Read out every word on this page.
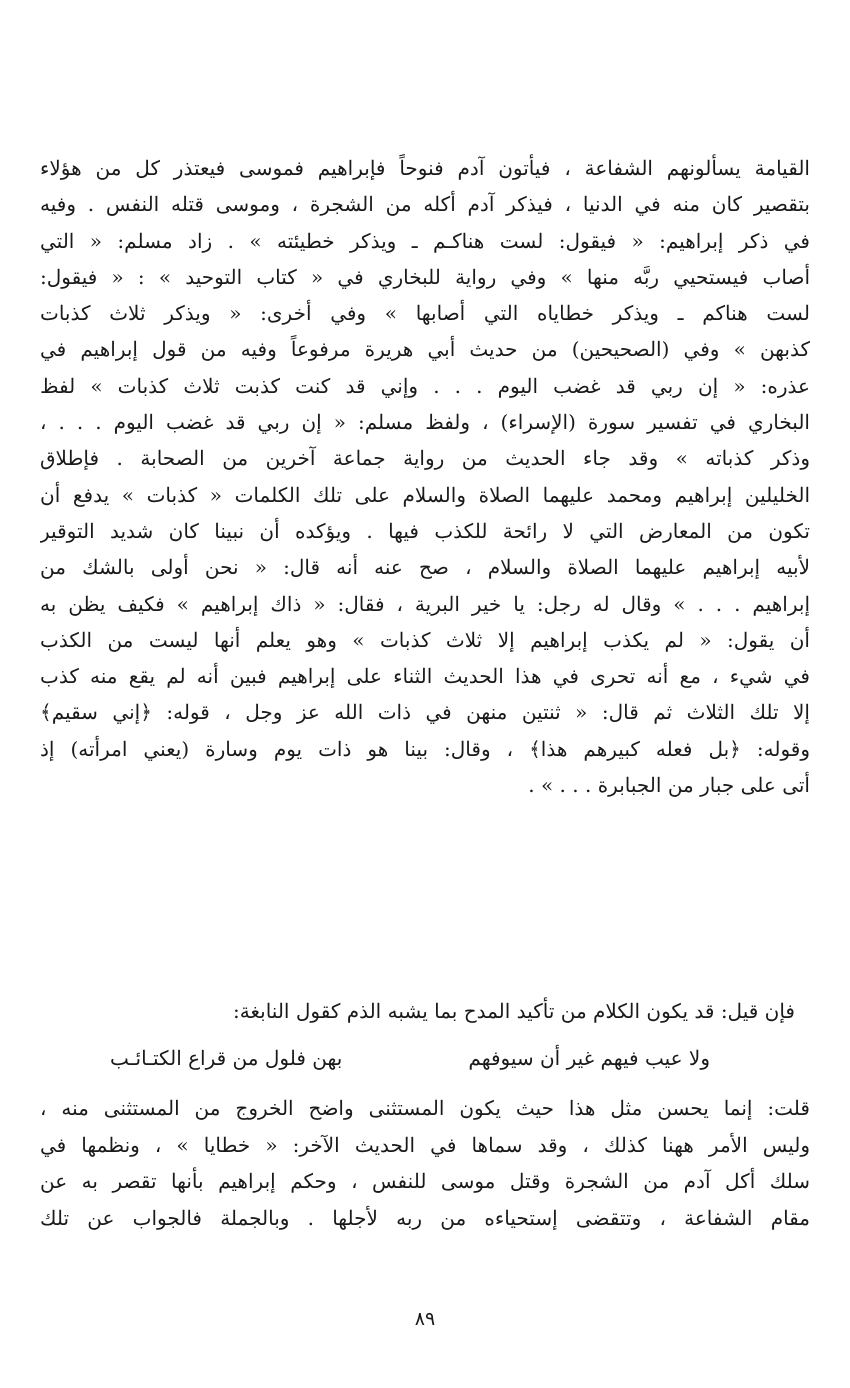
القيامة يسألونهم الشفاعة ، فيأتون آدم فنوحاً فإبراهيم فموسى فيعتذر كل من هؤلاء
بتقصير كان منه في الدنيا ، فيذكر آدم أكله من الشجرة ، وموسى قتله النفس . وفيه
في ذكر إبراهيم: « فيقول: لست هناكـم ـ ويذكر خطيئته » . زاد مسلم: « التي
أصاب فيستحيي ربَّه منها » وفي رواية للبخاري في « كتاب التوحيد » : « فيقول:
لست هناكم ـ ويذكر خطاياه التي أصابها » وفي أخرى: « ويذكر ثلاث كذبات
كذبهن » وفي (الصحيحين) من حديث أبي هريرة مرفوعاً وفيه من قول إبراهيم في
عذره: « إن ربي قد غضب اليوم . . . وإني قد كنت كذبت ثلاث كذبات » لفظ
البخاري في تفسير سورة (الإسراء) ، ولفظ مسلم: « إن ربي قد غضب اليوم . . . ،
وذكر كذباته » وقد جاء الحديث من رواية جماعة آخرين من الصحابة . فإطلاق
الخليلين إبراهيم ومحمد عليهما الصلاة والسلام على تلك الكلمات « كذبات » يدفع أن
تكون من المعارض التي لا رائحة للكذب فيها . ويؤكده أن نبينا كان شديد التوقير
لأبيه إبراهيم عليهما الصلاة والسلام ، صح عنه أنه قال: « نحن أولى بالشك من
إبراهيم . . . » وقال له رجل: يا خير البرية ، فقال: « ذاك إبراهيم » فكيف يظن به
أن يقول: « لم يكذب إبراهيم إلا ثلاث كذبات » وهو يعلم أنها ليست من الكذب
في شيء ، مع أنه تحرى في هذا الحديث الثناء على إبراهيم فبين أنه لم يقع منه كذب
إلا تلك الثلاث ثم قال: « ثنتين منهن في ذات الله عز وجل ، قوله: ﴿إني سقيم﴾
وقوله: ﴿بل فعله كبيرهم هذا﴾ ، وقال: بينا هو ذات يوم وسارة (يعني امرأته) إذ
أتى على جبار من الجبابرة . . . » .
فإن قيل: قد يكون الكلام من تأكيد المدح بما يشبه الذم كقول النابغة:
ولا عيب فيهم غير أن سيوفهم
بهن فلول من قراع الكتـائـب
قلت: إنما يحسن مثل هذا حيث يكون المستثنى واضح الخروج من المستثنى منه ،
وليس الأمر ههنا كذلك ، وقد سماها في الحديث الآخر: « خطايا » ، ونظمها في
سلك أكل آدم من الشجرة وقتل موسى للنفس ، وحكم إبراهيم بأنها تقصر به عن
مقام الشفاعة ، وتتقضى إستحياءه من ربه لأجلها . وبالجملة فالجواب عن تلك
٨٩
